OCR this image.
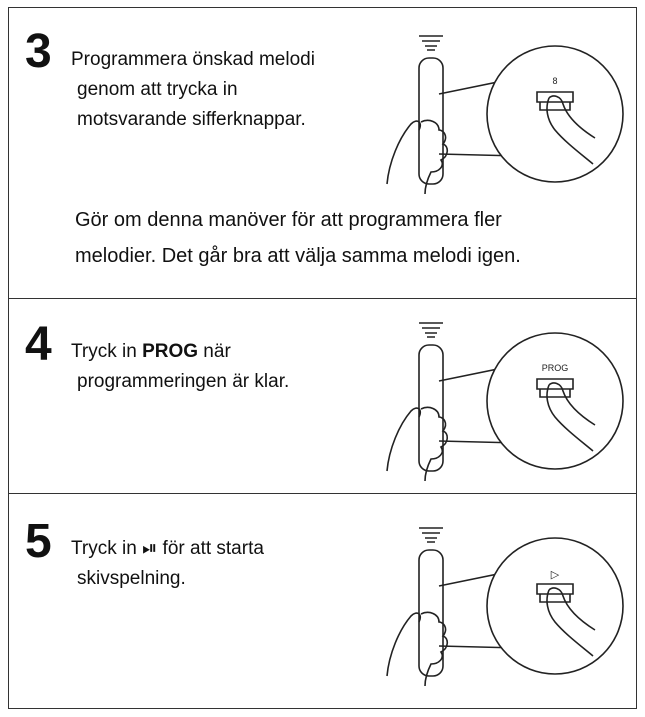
3 Programmera önskad melodi
genom att trycka in
motsvarande sifferknappar.
8
Gör om denna manöver för att programmera fler
melodier. Det går bra att välja samma melodi igen.
4 Tryck in PROG när
programmeringen är klar.
PROG
5 Tryck in ⏯ för att starta
skivspelning.	▷
